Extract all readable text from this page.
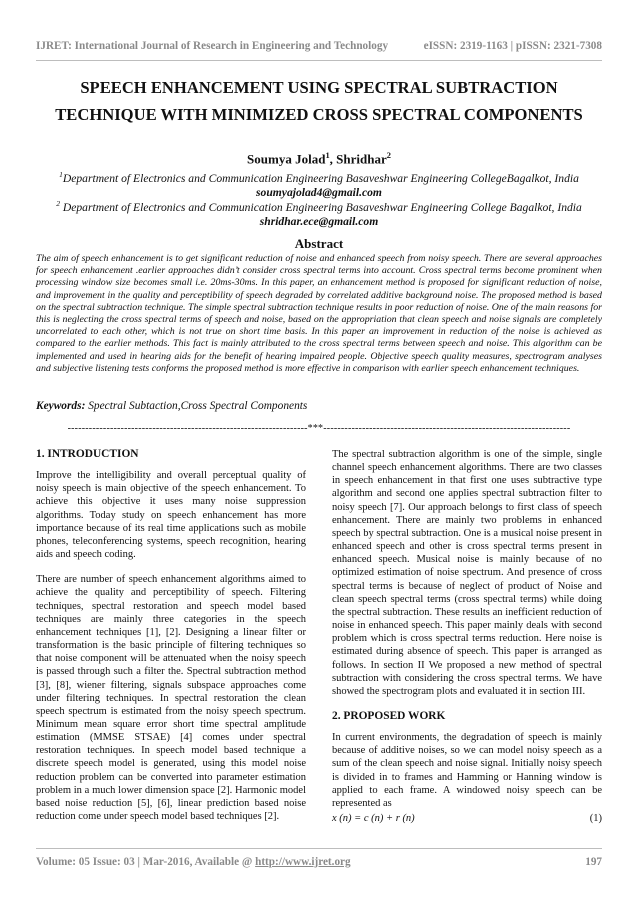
IJRET: International Journal of Research in Engineering and Technology	eISSN: 2319-1163 | pISSN: 2321-7308
SPEECH ENHANCEMENT USING SPECTRAL SUBTRACTION
TECHNIQUE WITH MINIMIZED CROSS SPECTRAL COMPONENTS
Soumya Jolad$^1$, Shridhar$^2$
$^1$Department of Electronics and Communication Engineering Basaveshwar Engineering CollegeBagalkot, India
soumyajolad4@gmail.com
$^2$ Department of Electronics and Communication Engineering Basaveshwar Engineering College Bagalkot, India
shridhar.ece@gmail.com
Abstract
The aim of speech enhancement is to get significant reduction of noise and enhanced speech from noisy speech. There are several approaches for speech enhancement .earlier approaches didn’t consider cross spectral terms into account. Cross spectral terms become prominent when processing window size becomes small i.e. 20ms-30ms. In this paper, an enhancement method is proposed for significant reduction of noise, and improvement in the quality and perceptibility of speech degraded by correlated additive background noise. The proposed method is based on the spectral subtraction technique. The simple spectral subtraction technique results in poor reduction of noise. One of the main reasons for this is neglecting the cross spectral terms of speech and noise, based on the appropriation that clean speech and noise signals are completely uncorrelated to each other, which is not true on short time basis. In this paper an improvement in reduction of the noise is achieved as compared to the earlier methods. This fact is mainly attributed to the cross spectral terms between speech and noise. This algorithm can be implemented and used in hearing aids for the benefit of hearing impaired people. Objective speech quality measures, spectrogram analyses and subjective listening tests conforms the proposed method is more effective in comparison with earlier speech enhancement techniques.
Keywords: Spectral Subtaction,Cross Spectral Components
--------------------------------------------------------------------***----------------------------------------------------------------------
1. INTRODUCTION

Improve the intelligibility and overall perceptual quality of noisy speech is main objective of the speech enhancement. To achieve this objective it uses many noise suppression algorithms. Today study on speech enhancement has more importance because of its real time applications such as mobile phones, teleconferencing systems, speech recognition, hearing aids and speech coding.

There are number of speech enhancement algorithms aimed to achieve the quality and perceptibility of speech. Filtering techniques, spectral restoration and speech model based techniques are mainly three categories in the speech enhancement techniques [1], [2]. Designing a linear filter or transformation is the basic principle of filtering techniques so that noise component will be attenuated when the noisy speech is passed through such a filter the. Spectral subtraction method [3], [8], wiener filtering, signals subspace approaches come under filtering techniques. In spectral restoration the clean speech spectrum is estimated from the noisy speech spectrum. Minimum mean square error short time spectral amplitude estimation (MMSE STSAE) [4] comes under spectral restoration techniques. In speech model based technique a discrete speech model is generated, using this model noise reduction problem can be converted into parameter estimation problem in a much lower dimension space [2]. Harmonic model based noise reduction [5], [6], linear prediction based noise reduction come under speech model based techniques [2].

The spectral subtraction algorithm is one of the simple, single channel speech enhancement algorithms. There are two classes in speech enhancement in that first one uses subtractive type algorithm and second one applies spectral subtraction filter to noisy speech [7]. Our approach belongs to first class of speech enhancement. There are mainly two problems in enhanced speech by spectral subtraction. One is a musical noise present in enhanced speech and other is cross spectral terms present in enhanced speech. Musical noise is mainly because of no optimized estimation of noise spectrum. And presence of cross spectral terms is because of neglect of product of Noise and clean speech spectral terms (cross spectral terms) while doing the spectral subtraction. These results an inefficient reduction of noise in enhanced speech. This paper mainly deals with second problem which is cross spectral terms reduction. Here noise is estimated during absence of speech. This paper is arranged as follows. In section II We proposed a new method of spectral subtraction with considering the cross spectral terms. We have showed the spectrogram plots and evaluated it in section III.

2. PROPOSED WORK

In current environments, the degradation of speech is mainly because of additive noises, so we can model noisy speech as a sum of the clean speech and noise signal. Initially noisy speech is divided in to frames and Hamming or Hanning window is applied to each frame. A windowed noisy speech can be represented as

x (n) = c (n) + r (n)	(1)
Volume: 05 Issue: 03 | Mar-2016, Available @ http://www.ijret.org	197
